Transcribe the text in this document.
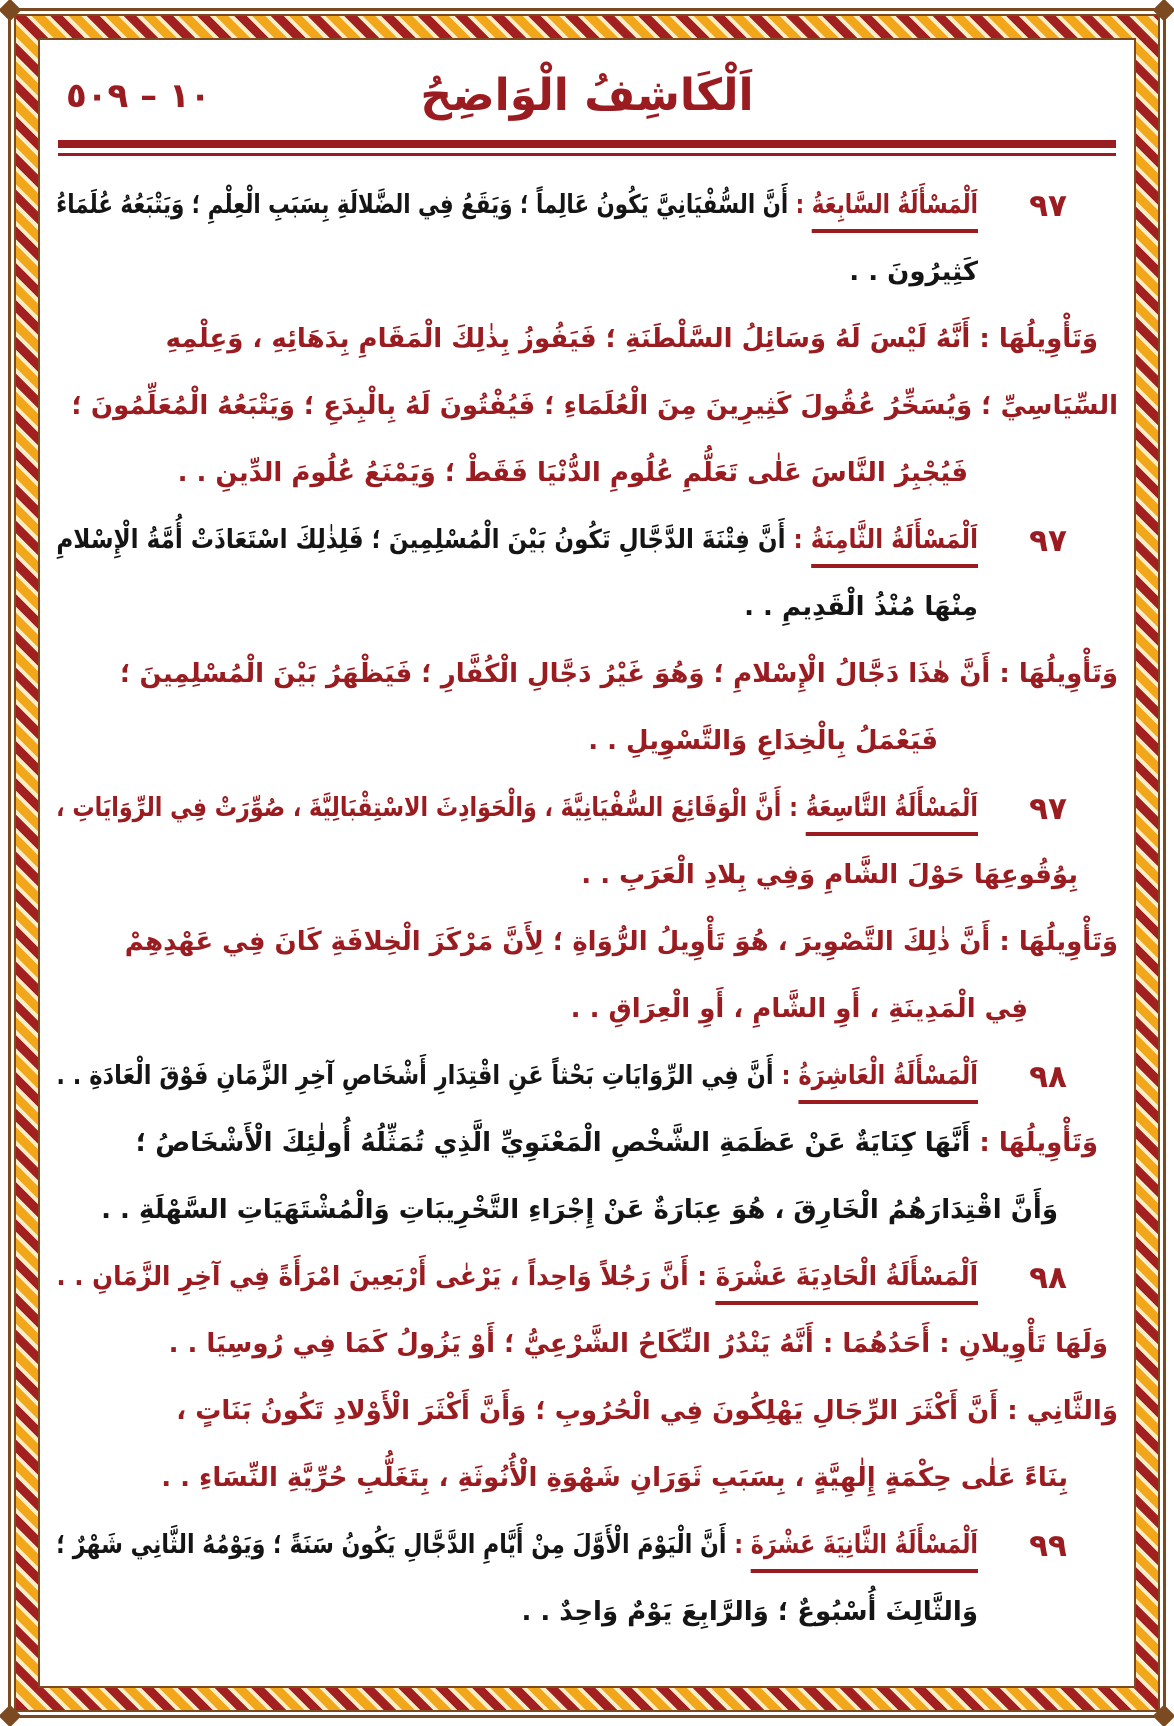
١٠ – ٥٠٩	اَلْكَاشِفُ الْوَاضِحُ
٩٧
اَلْمَسْأَلَةُ السَّابِعَةُ : أَنَّ السُّفْيَانِيَّ يَكُونُ عَالِماً ؛ وَيَقَعُ فِي الضَّلالَةِ بِسَبَبِ الْعِلْمِ ؛ وَيَتْبَعُهُ عُلَمَاءُ
كَثِيرُونَ . .
وَتَأْوِيلُهَا : أَنَّهُ لَيْسَ لَهُ وَسَائِلُ السَّلْطَنَةِ ؛ فَيَفُوزُ بِذٰلِكَ الْمَقَامِ بِدَهَائِهِ ، وَعِلْمِهِ
السِّيَاسِيِّ ؛ وَيُسَخِّرُ عُقُولَ كَثِيرِينَ مِنَ الْعُلَمَاءِ ؛ فَيُفْتُونَ لَهُ بِالْبِدَعِ ؛ وَيَتْبَعُهُ الْمُعَلِّمُونَ ؛
فَيُجْبِرُ النَّاسَ عَلٰى تَعَلُّمِ عُلُومِ الدُّنْيَا فَقَطْ ؛ وَيَمْنَعُ عُلُومَ الدِّينِ . .
٩٧
اَلْمَسْأَلَةُ الثَّامِنَةُ : أَنَّ فِتْنَةَ الدَّجَّالِ تَكُونُ بَيْنَ الْمُسْلِمِينَ ؛ فَلِذٰلِكَ اسْتَعَاذَتْ أُمَّةُ الْإِسْلامِ
مِنْهَا مُنْذُ الْقَدِيمِ . .
وَتَأْوِيلُهَا : أَنَّ هٰذَا دَجَّالُ الْإِسْلامِ ؛ وَهُوَ غَيْرُ دَجَّالِ الْكُفَّارِ ؛ فَيَظْهَرُ بَيْنَ الْمُسْلِمِينَ ؛
فَيَعْمَلُ بِالْخِدَاعِ وَالتَّسْوِيلِ . .
٩٧
اَلْمَسْأَلَةُ التَّاسِعَةُ : أَنَّ الْوَقَائِعَ السُّفْيَانِيَّةَ ، وَالْحَوَادِثَ الاسْتِقْبَالِيَّةَ ، صُوِّرَتْ فِي الرِّوَايَاتِ ،
بِوُقُوعِهَا حَوْلَ الشَّامِ وَفِي بِلادِ الْعَرَبِ . .
وَتَأْوِيلُهَا : أَنَّ ذٰلِكَ التَّصْوِيرَ ، هُوَ تَأْوِيلُ الرُّوَاةِ ؛ لِأَنَّ مَرْكَزَ الْخِلافَةِ كَانَ فِي عَهْدِهِمْ
فِي الْمَدِينَةِ ، أَوِ الشَّامِ ، أَوِ الْعِرَاقِ . .
٩٨
اَلْمَسْأَلَةُ الْعَاشِرَةُ : أَنَّ فِي الرِّوَايَاتِ بَحْثاً عَنِ اقْتِدَارِ أَشْخَاصِ آخِرِ الزَّمَانِ فَوْقَ الْعَادَةِ . .
وَتَأْوِيلُهَا : أَنَّهَا كِنَايَةٌ عَنْ عَظَمَةِ الشَّخْصِ الْمَعْنَوِيِّ الَّذِي تُمَثِّلُهُ أُولٰئِكَ الْأَشْخَاصُ ؛
وَأَنَّ اقْتِدَارَهُمُ الْخَارِقَ ، هُوَ عِبَارَةٌ عَنْ إِجْرَاءِ التَّخْرِيبَاتِ وَالْمُشْتَهَيَاتِ السَّهْلَةِ . .
٩٨
اَلْمَسْأَلَةُ الْحَادِيَةَ عَشْرَةَ : أَنَّ رَجُلاً وَاحِداً ، يَرْعٰى أَرْبَعِينَ امْرَأَةً فِي آخِرِ الزَّمَانِ . .
وَلَهَا تَأْوِيلانِ : أَحَدُهُمَا : أَنَّهُ يَنْدُرُ النِّكَاحُ الشَّرْعِيُّ ؛ أَوْ يَزُولُ كَمَا فِي رُوسِيَا . .
وَالثَّانِي : أَنَّ أَكْثَرَ الرِّجَالِ يَهْلِكُونَ فِي الْحُرُوبِ ؛ وَأَنَّ أَكْثَرَ الْأَوْلادِ تَكُونُ بَنَاتٍ ،
بِنَاءً عَلٰى حِكْمَةٍ إِلٰهِيَّةٍ ، بِسَبَبِ ثَوَرَانِ شَهْوَةِ الْأُنُوثَةِ ، بِتَغَلُّبِ حُرِّيَّةِ النِّسَاءِ . .
٩٩
اَلْمَسْأَلَةُ الثَّانِيَةَ عَشْرَةَ : أَنَّ الْيَوْمَ الْأَوَّلَ مِنْ أَيَّامِ الدَّجَّالِ يَكُونُ سَنَةً ؛ وَيَوْمُهُ الثَّانِي شَهْرٌ ؛
وَالثَّالِثَ أُسْبُوعٌ ؛ وَالرَّابِعَ يَوْمٌ وَاحِدٌ . .
